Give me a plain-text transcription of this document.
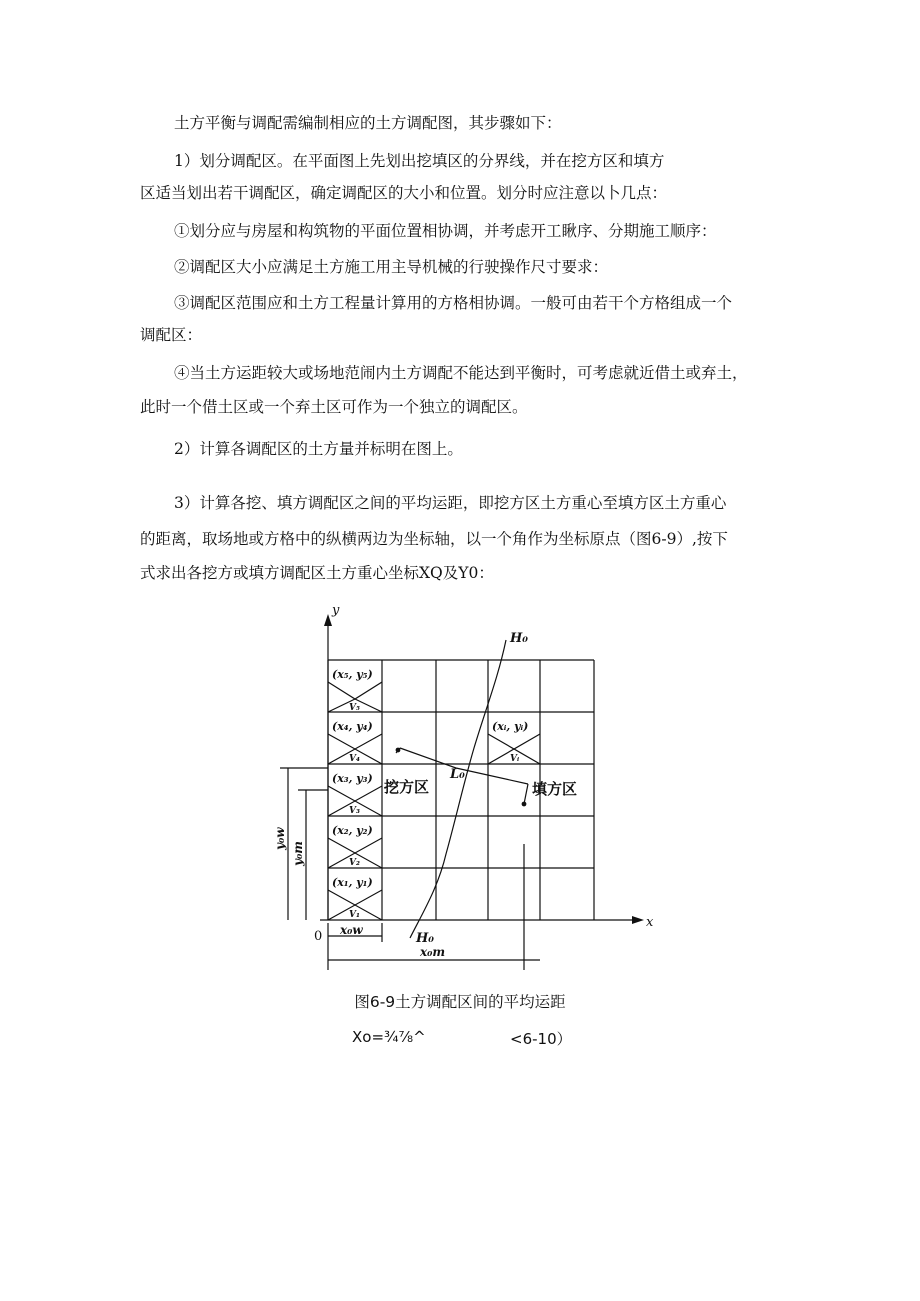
土方平衡与调配需编制相应的土方调配图，其步骤如下：
1）划分调配区。在平面图上先划出挖填区的分界线，并在挖方区和填方
区适当划出若干调配区，确定调配区的大小和位置。划分时应注意以卜几点：
①划分应与房屋和构筑物的平面位置相协调，并考虑开工瞅序、分期施工顺序：
②调配区大小应满足土方施工用主导机械的行驶操作尺寸要求：
③调配区范围应和土方工程量计算用的方格相协调。一般可由若干个方格组成一个
调配区：
④当土方运距较大或场地范闹内土方调配不能达到平衡时，可考虑就近借土或弃土，
此时一个借土区或一个弃土区可作为一个独立的调配区。
2）计算各调配区的土方量并标明在图上。
3）计算各挖、填方调配区之间的平均运距，即挖方区土方重心至填方区土方重心
的距离，取场地或方格中的纵横两边为坐标轴，以一个角作为坐标原点（图6-9）,按下
式求出各挖方或填方调配区土方重心坐标XQ及Y0：
y
x
0
H₀
H₀
L₀
挖方区	填方区
(x₅, y₅)
V₅
(x₄, y₄)
V₄
(x₃, y₃)
V₃
(x₂, y₂)
V₂
(x₁, y₁)
V₁
(xᵢ, yᵢ)
Vᵢ
x₀w
x₀т
y₀w
y₀т
图6-9土方调配区间的平均运距
Xo=¾⅞^	<6-10）
